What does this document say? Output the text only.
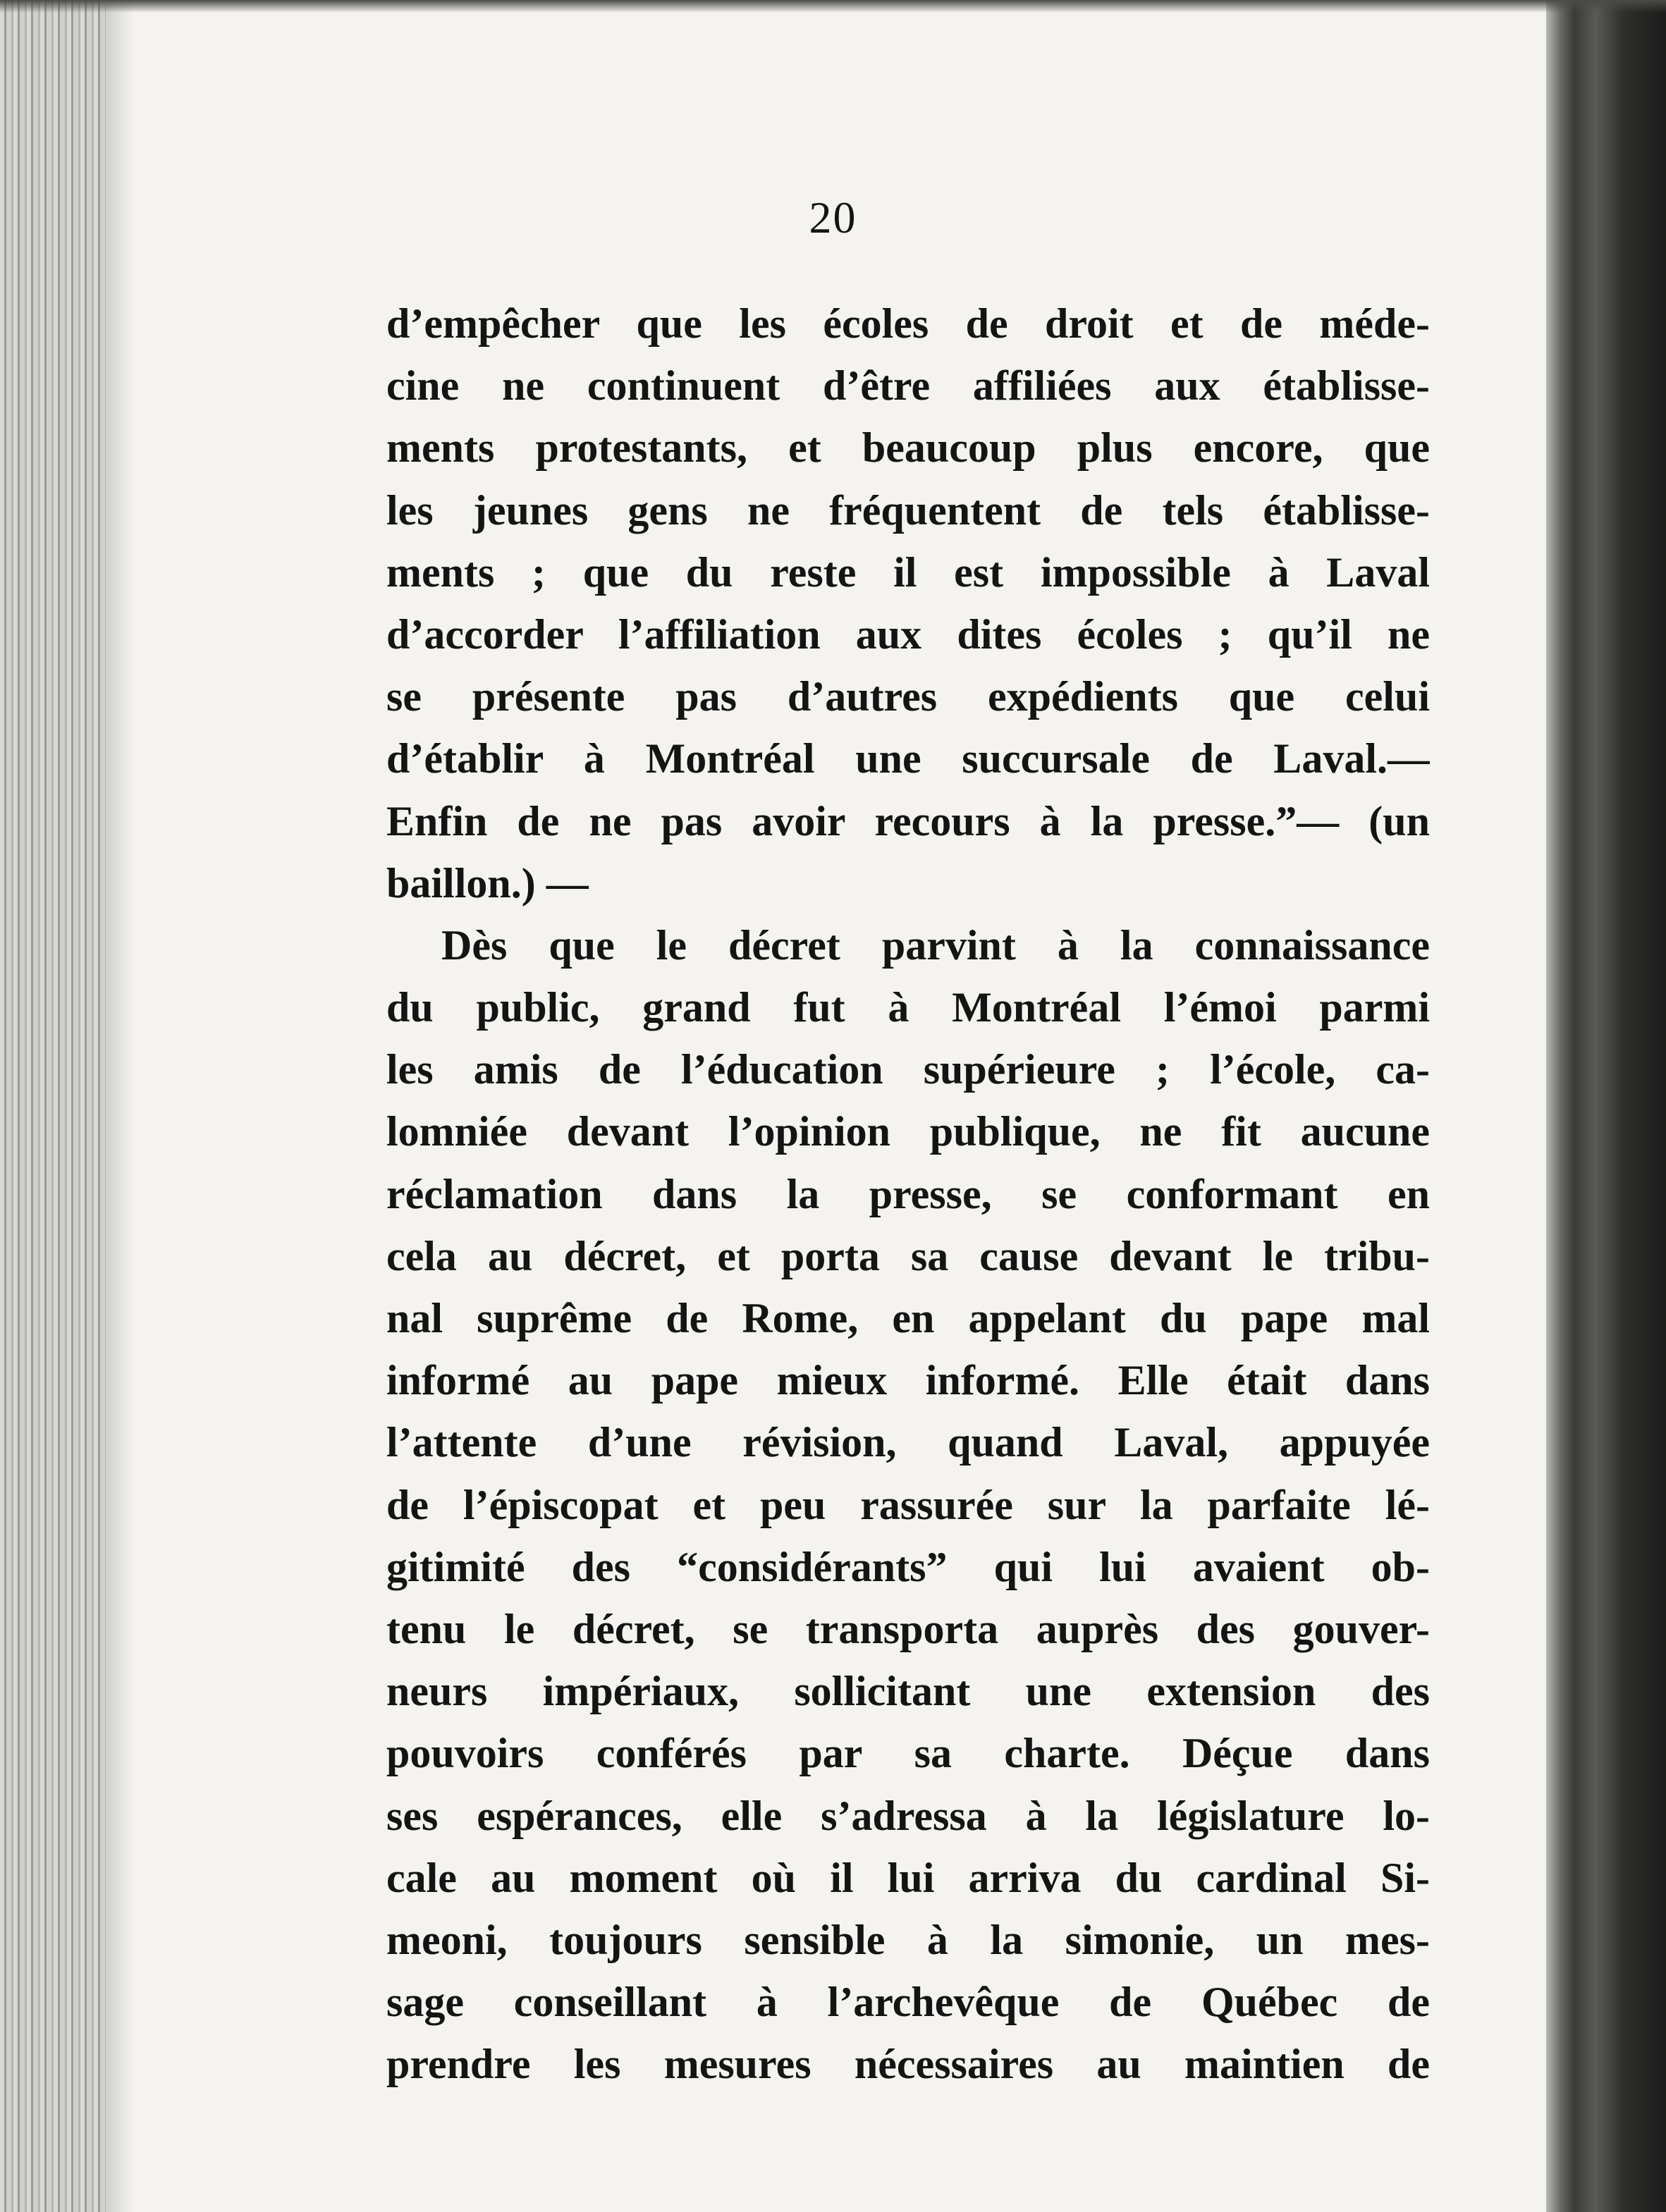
20
d’empêcher que les écoles de droit et de méde-
cine ne continuent d’être affiliées aux établisse-
ments protestants, et beaucoup plus encore, que
les jeunes gens ne fréquentent de tels établisse-
ments ; que du reste il est impossible à Laval
d’accorder l’affiliation aux dites écoles ; qu’il ne
se présente pas d’autres expédients que celui
d’établir à Montréal une succursale de Laval.—
Enfin de ne pas avoir recours à la presse.”— (un
baillon.) —
Dès que le décret parvint à la connaissance
du public, grand fut à Montréal l’émoi parmi
les amis de l’éducation supérieure ; l’école, ca-
lomniée devant l’opinion publique, ne fit aucune
réclamation dans la presse, se conformant en
cela au décret, et porta sa cause devant le tribu-
nal suprême de Rome, en appelant du pape mal
informé au pape mieux informé. Elle était dans
l’attente d’une révision, quand Laval, appuyée
de l’épiscopat et peu rassurée sur la parfaite lé-
gitimité des “considérants” qui lui avaient ob-
tenu le décret, se transporta auprès des gouver-
neurs impériaux, sollicitant une extension des
pouvoirs conférés par sa charte. Déçue dans
ses espérances, elle s’adressa à la législature lo-
cale au moment où il lui arriva du cardinal Si-
meoni, toujours sensible à la simonie, un mes-
sage conseillant à l’archevêque de Québec de
prendre les mesures nécessaires au maintien de
